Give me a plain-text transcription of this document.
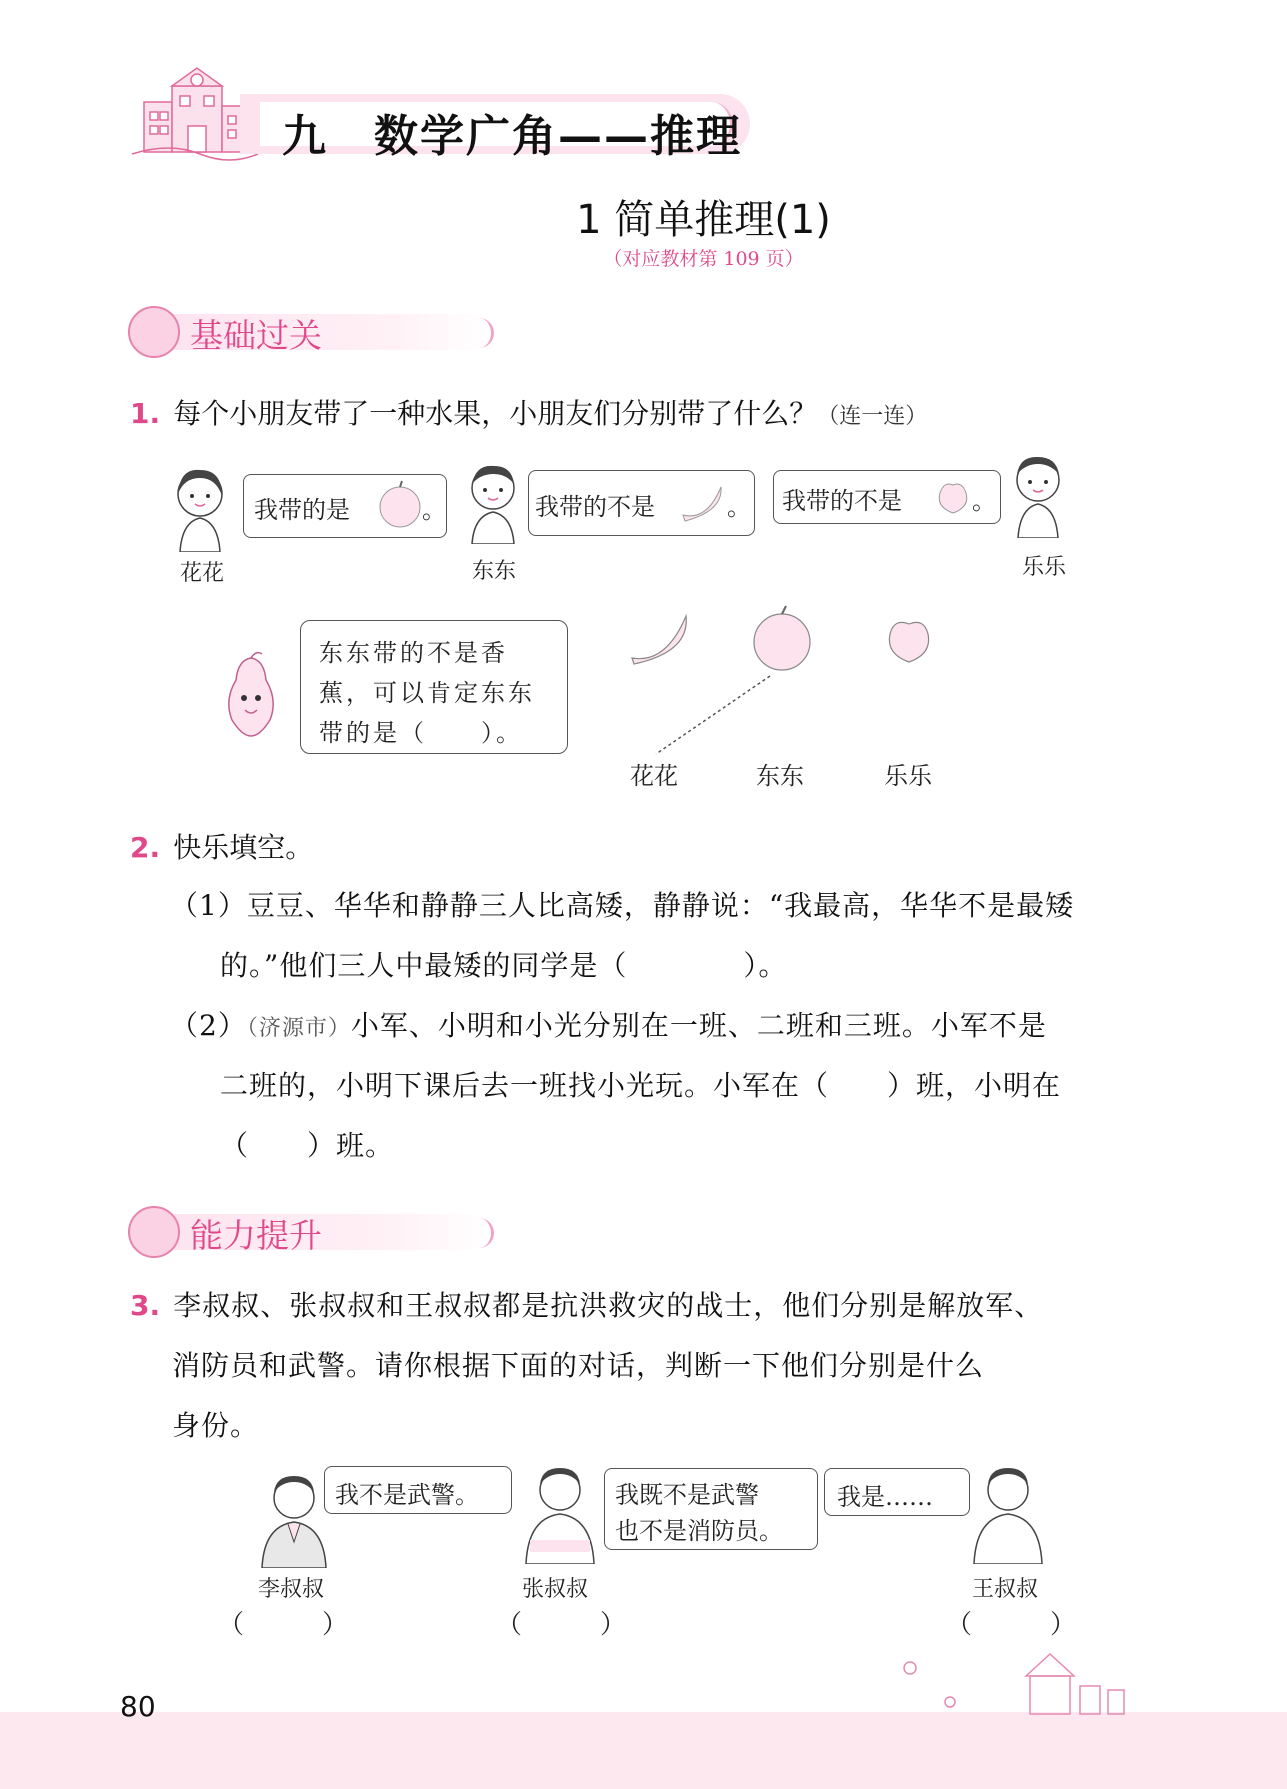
九　数学广角——推理
1 简单推理(1)
（对应教材第 109 页）
基础过关
1. 每个小朋友带了一种水果，小朋友们分别带了什么？（连一连）
我带的是	。
花花
我带的不是	。
东东
我带的不是	。
乐乐
东东带的不是香
蕉，可以肯定东东
带的是（　　）。
花花	东东	乐乐
2. 快乐填空。
（1）豆豆、华华和静静三人比高矮，静静说：“我最高，华华不是最矮
的。”他们三人中最矮的同学是（　　　　）。
（2）（济源市）小军、小明和小光分别在一班、二班和三班。小军不是
二班的，小明下课后去一班找小光玩。小军在（　　）班，小明在
（　　）班。
能力提升
3. 李叔叔、张叔叔和王叔叔都是抗洪救灾的战士，他们分别是解放军、
消防员和武警。请你根据下面的对话，判断一下他们分别是什么
身份。
我不是武警。
李叔叔
（　　　）
我既不是武警
也不是消防员。
张叔叔
（　　　）
我是……
王叔叔
（　　　）
80
